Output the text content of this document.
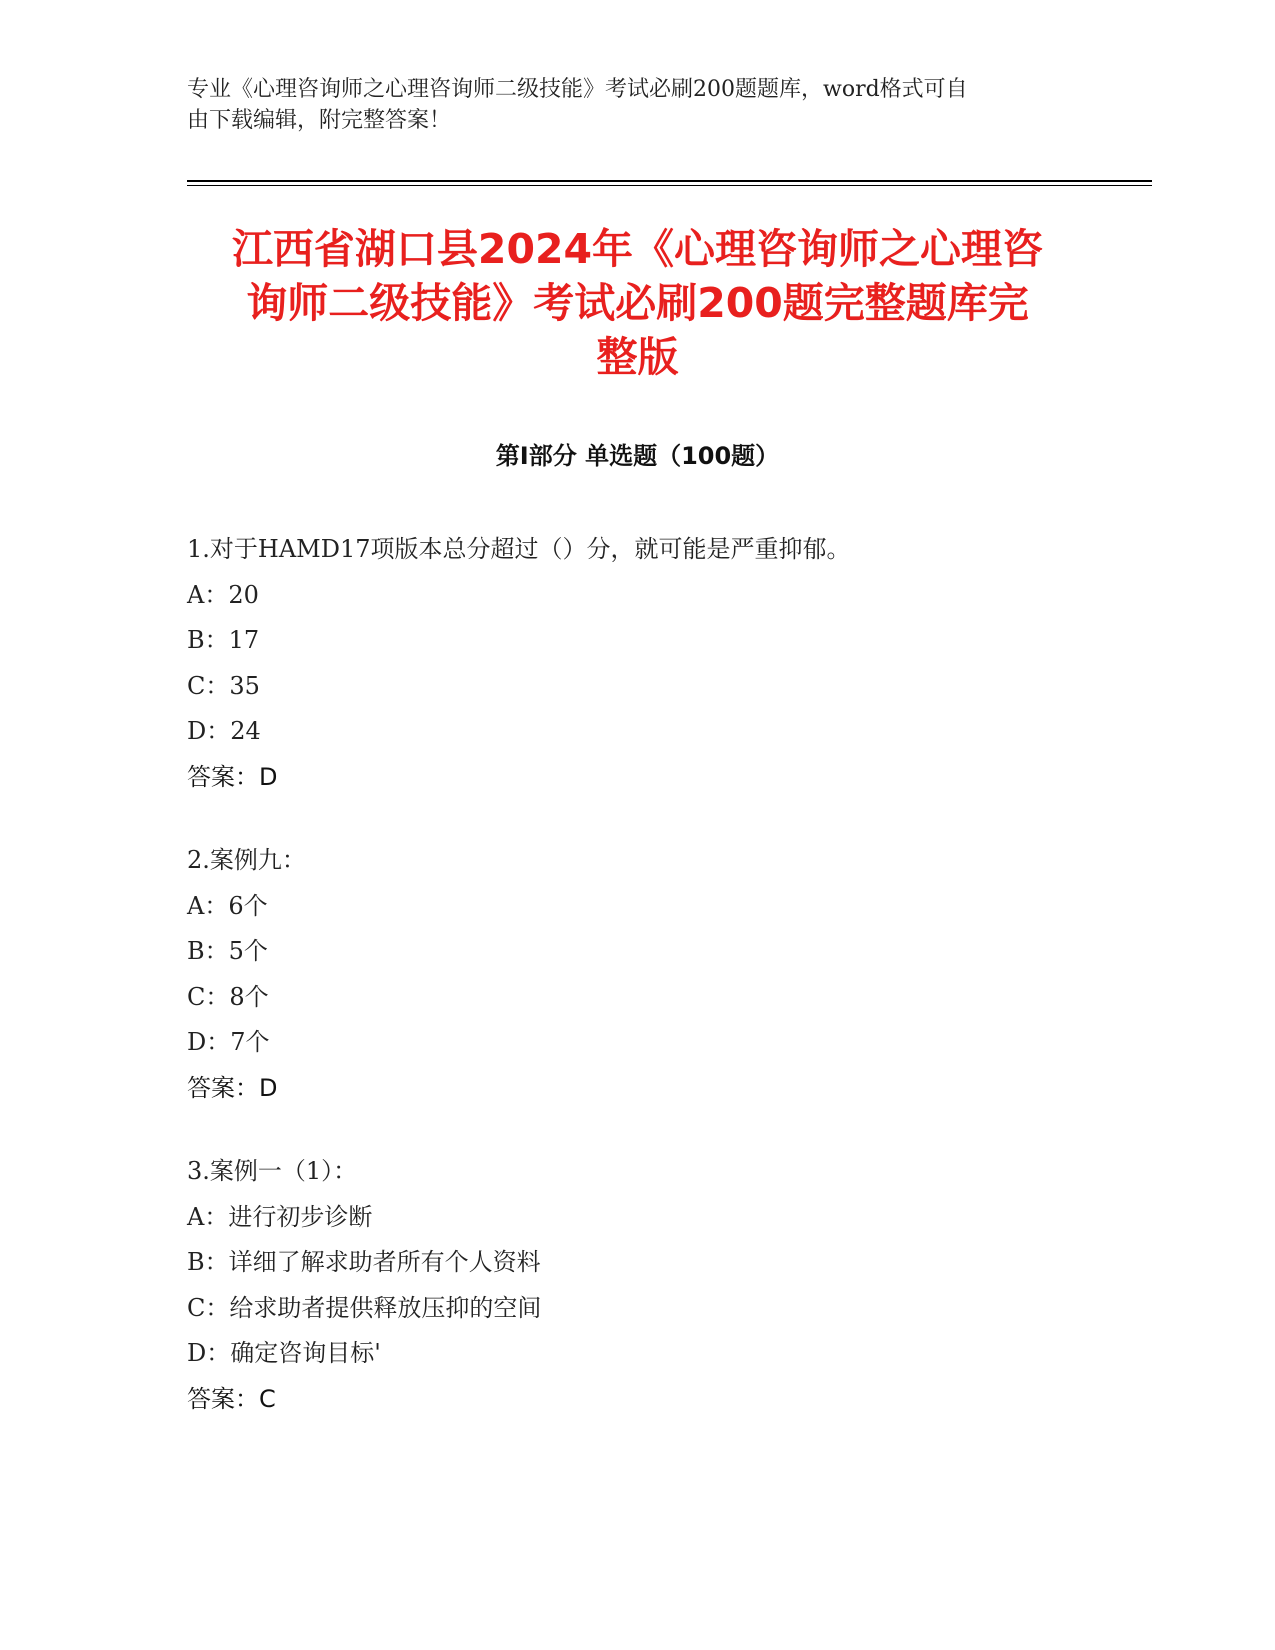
专业《心理咨询师之心理咨询师二级技能》考试必刷200题题库，word格式可自
由下载编辑，附完整答案！
江西省湖口县2024年《心理咨询师之心理咨
询师二级技能》考试必刷200题完整题库完
整版
第Ⅰ部分 单选题（100题）
1.对于HAMD17项版本总分超过（）分，就可能是严重抑郁。
A：20
B：17
C：35
D：24
答案：D
2.案例九：
A：6个
B：5个
C：8个
D：7个
答案：D
3.案例一（1）：
A：进行初步诊断
B：详细了解求助者所有个人资料
C：给求助者提供释放压抑的空间
D：确定咨询目标'
答案：C
